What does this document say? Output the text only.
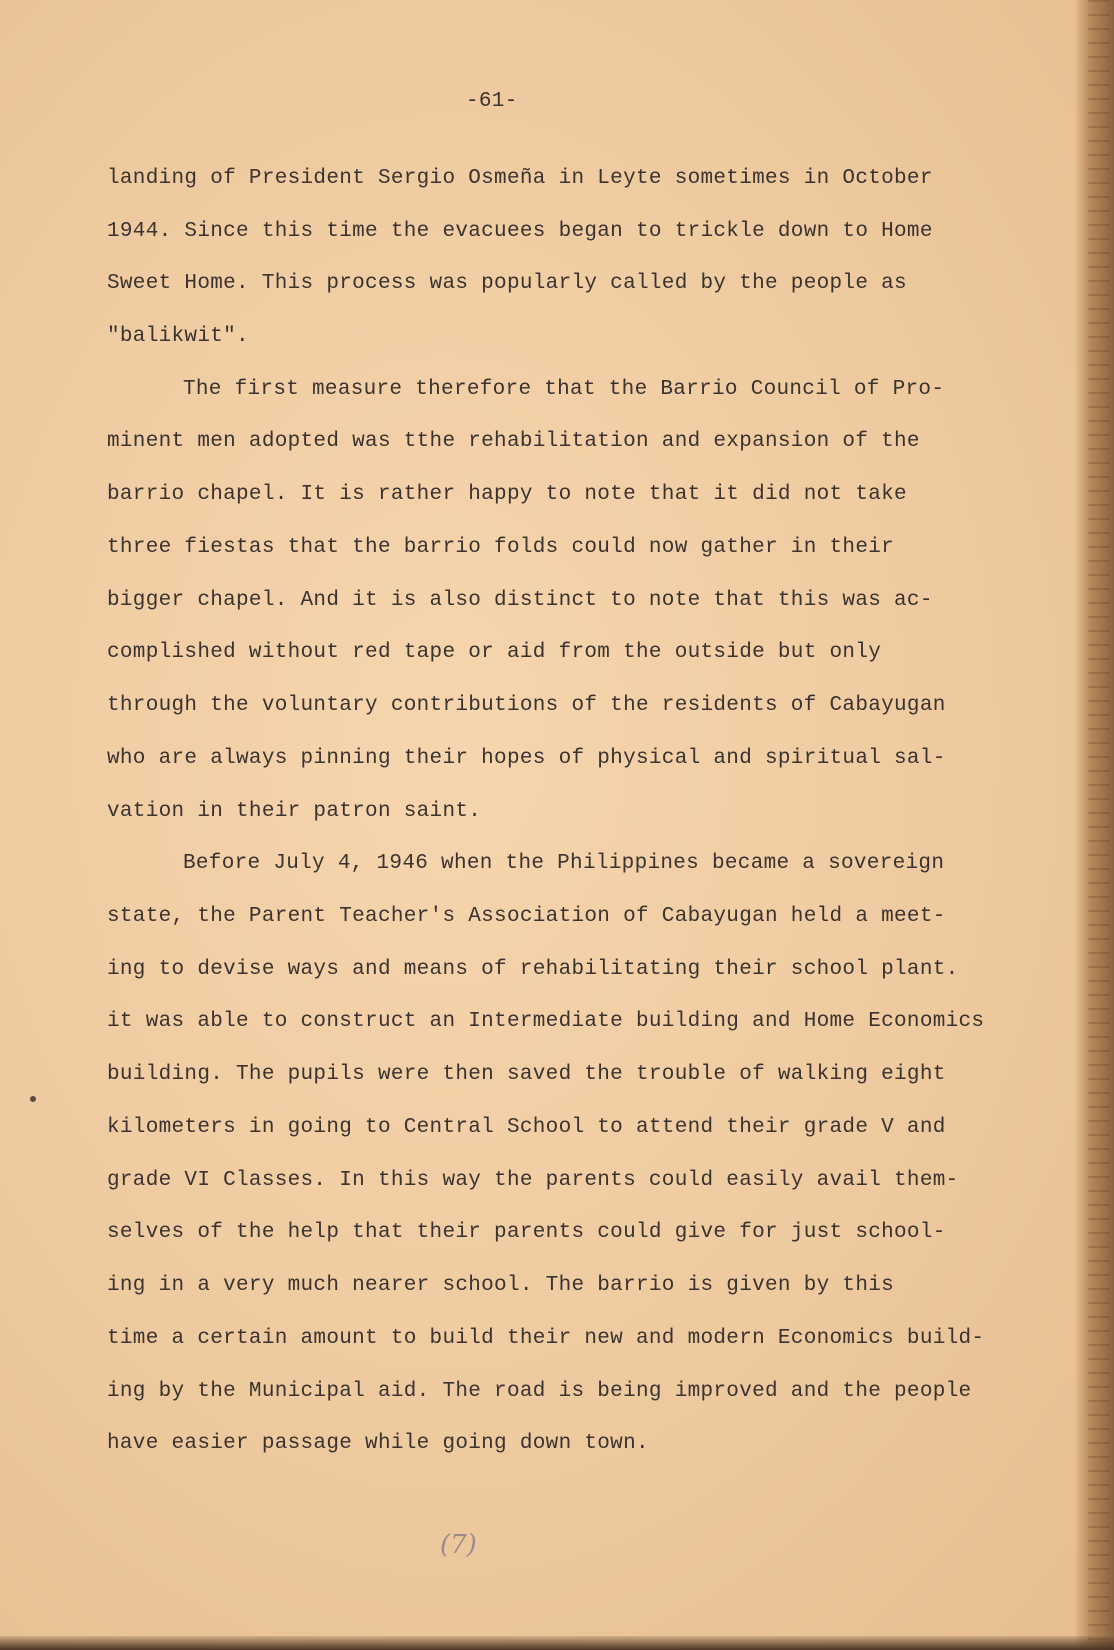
-61-
landing of President Sergio Osmeña in Leyte sometimes in October
1944. Since this time the evacuees began to trickle down to Home
Sweet Home. This process was popularly called by the people as
"balikwit".
The first measure therefore that the Barrio Council of Pro-
minent men adopted was tthe rehabilitation and expansion of the
barrio chapel. It is rather happy to note that it did not take
three fiestas that the barrio folds could now gather in their
bigger chapel. And it is also distinct to note that this was ac-
complished without red tape or aid from the outside but only
through the voluntary contributions of the residents of Cabayugan
who are always pinning their hopes of physical and spiritual sal-
vation in their patron saint.
Before July 4, 1946 when the Philippines became a sovereign
state, the Parent Teacher's Association of Cabayugan held a meet-
ing to devise ways and means of rehabilitating their school plant.
it was able to construct an Intermediate building and Home Economics
building. The pupils were then saved the trouble of walking eight
kilometers in going to Central School to attend their grade V and
grade VI Classes. In this way the parents could easily avail them-
selves of the help that their parents could give for just school-
ing in a very much nearer school. The barrio is given by this
time a certain amount to build their new and modern Economics build-
ing by the Municipal aid. The road is being improved and the people
have easier passage while going down town.
(7)
